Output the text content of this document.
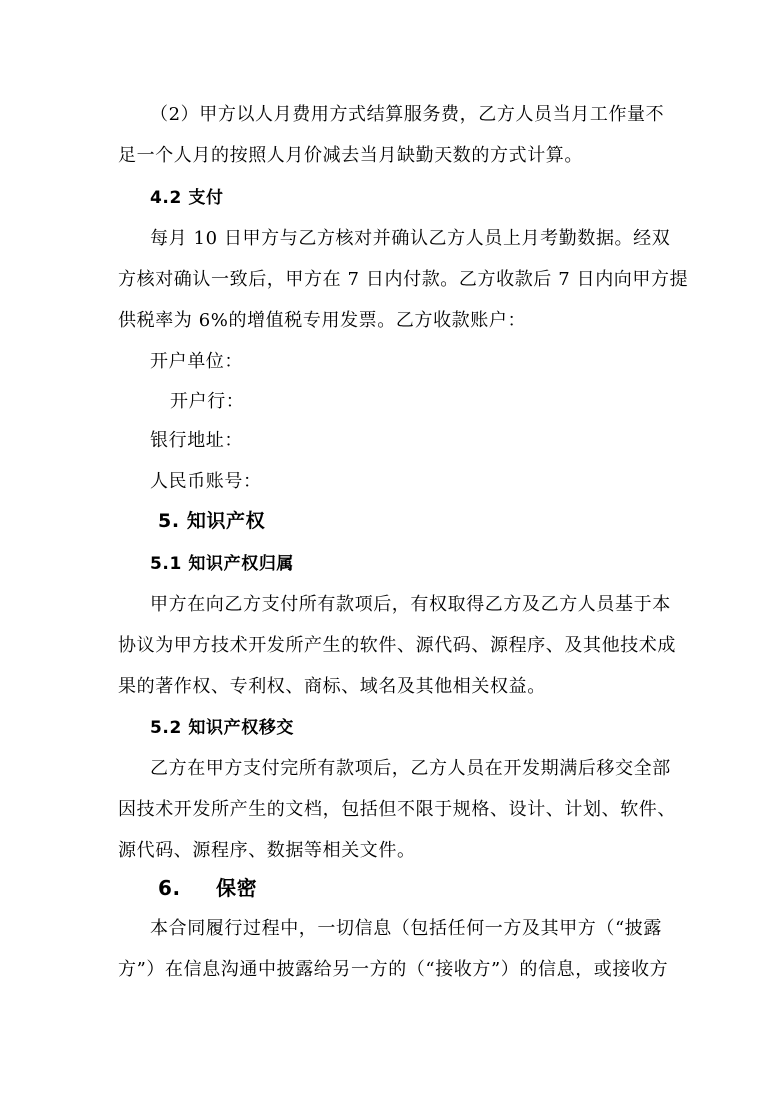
（2）甲方以人月费用方式结算服务费，乙方人员当月工作量不
足一个人月的按照人月价减去当月缺勤天数的方式计算。
4.2 支付
每月 10 日甲方与乙方核对并确认乙方人员上月考勤数据。经双
方核对确认一致后，甲方在 7 日内付款。乙方收款后 7 日内向甲方提
供税率为 6%的增值税专用发票。乙方收款账户：
开户单位：
开户行：
银行地址：
人民币账号：
5. 知识产权
5.1 知识产权归属
甲方在向乙方支付所有款项后，有权取得乙方及乙方人员基于本
协议为甲方技术开发所产生的软件、源代码、源程序、及其他技术成
果的著作权、专利权、商标、域名及其他相关权益。
5.2 知识产权移交
乙方在甲方支付完所有款项后，乙方人员在开发期满后移交全部
因技术开发所产生的文档，包括但不限于规格、设计、计划、软件、
源代码、源程序、数据等相关文件。
6. 保密
本合同履行过程中，一切信息（包括任何一方及其甲方（“披露
方”）在信息沟通中披露给另一方的（“接收方”）的信息，或接收方
